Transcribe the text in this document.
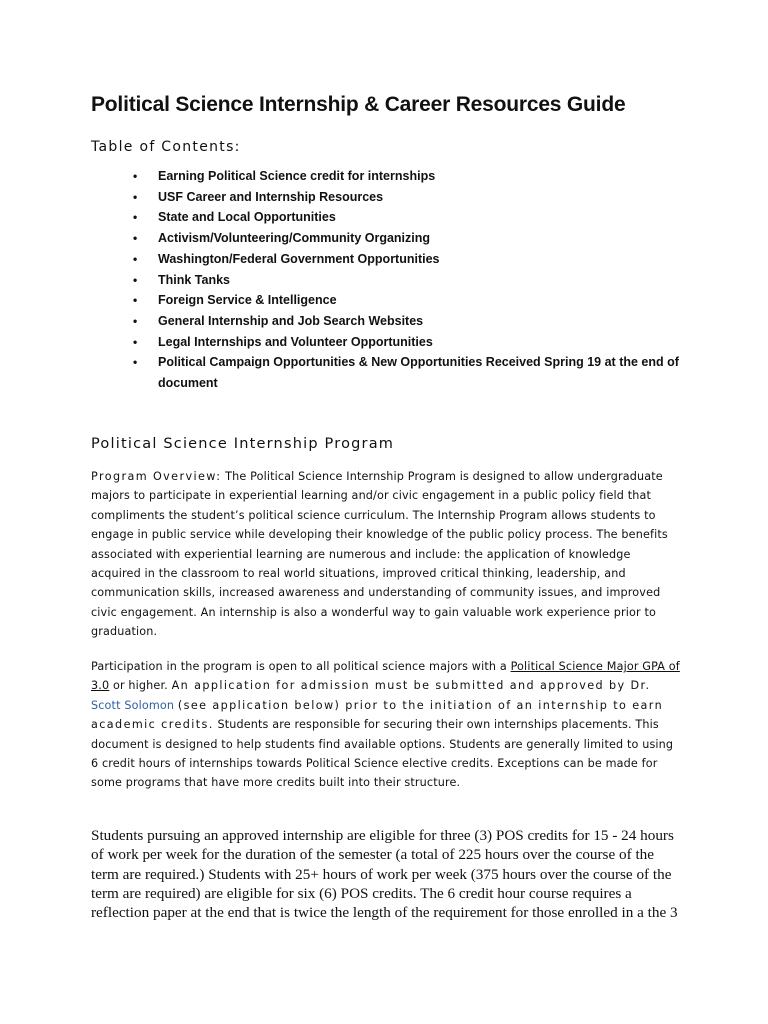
Political Science Internship & Career Resources Guide
Table of Contents:
• Earning Political Science credit for internships
• USF Career and Internship Resources
• State and Local Opportunities
• Activism/Volunteering/Community Organizing
• Washington/Federal Government Opportunities
• Think Tanks
• Foreign Service & Intelligence
• General Internship and Job Search Websites
• Legal Internships and Volunteer Opportunities
• Political Campaign Opportunities & New Opportunities Received Spring 19 at the end of document
Political Science Internship Program

Program Overview: The Political Science Internship Program is designed to allow undergraduate majors to participate in experiential learning and/or civic engagement in a public policy field that compliments the student’s political science curriculum. The Internship Program allows students to engage in public service while developing their knowledge of the public policy process. The benefits associated with experiential learning are numerous and include: the application of knowledge acquired in the classroom to real world situations, improved critical thinking, leadership, and communication skills, increased awareness and understanding of community issues, and improved civic engagement. An internship is also a wonderful way to gain valuable work experience prior to graduation.

Participation in the program is open to all political science majors with a Political Science Major GPA of 3.0 or higher. An application for admission must be submitted and approved by Dr. Scott Solomon (see application below) prior to the initiation of an internship to earn academic credits. Students are responsible for securing their own internships placements. This document is designed to help students find available options. Students are generally limited to using 6 credit hours of internships towards Political Science elective credits. Exceptions can be made for some programs that have more credits built into their structure.

Students pursuing an approved internship are eligible for three (3) POS credits for 15 - 24 hours of work per week for the duration of the semester (a total of 225 hours over the course of the term are required.) Students with 25+ hours of work per week (375 hours over the course of the term are required) are eligible for six (6) POS credits. The 6 credit hour course requires a reflection paper at the end that is twice the length of the requirement for those enrolled in a the 3
